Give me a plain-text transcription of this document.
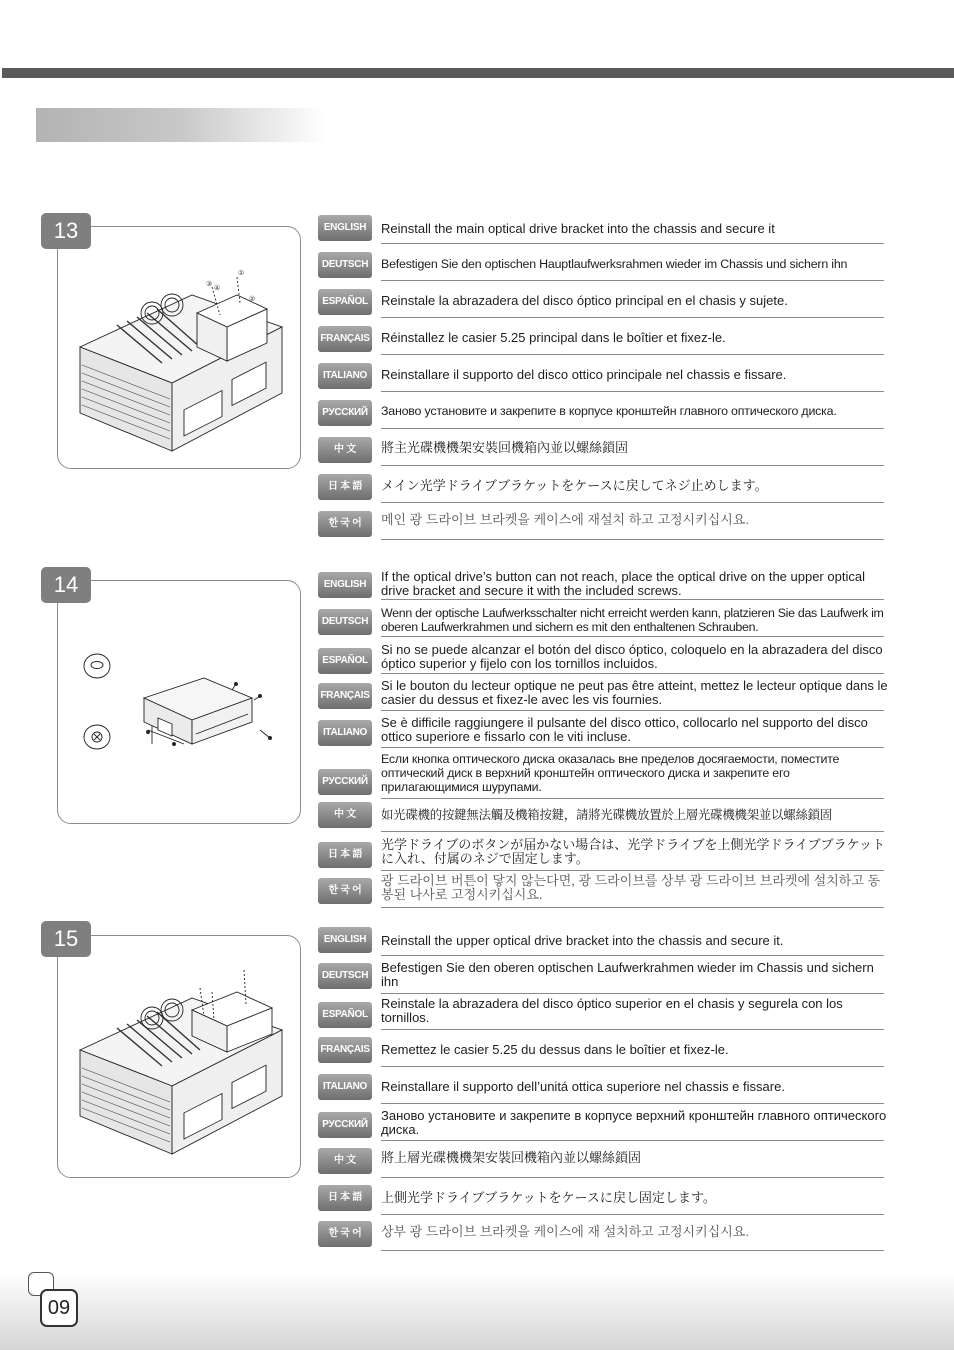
13
①
②
③ ④
ENGLISH	Reinstall the main optical drive bracket into the chassis and secure it
DEUTSCH	Befestigen Sie den optischen Hauptlaufwerksrahmen wieder im Chassis und sichern ihn
ESPAÑOL	Reinstale la abrazadera del disco óptico principal en el chasis y sujete.
FRANÇAIS Réinstallez le casier 5.25 principal dans le boîtier et fixez-le.
ITALIANO	Reinstallare il supporto del disco ottico principale nel chassis e fissare.
РУССКИЙ	Заново установите и закрепите в корпусе кронштейн главного оптического диска.
中 文	將主光碟機機架安裝回機箱內並以螺絲鎖固
日 本 語	メイン光学ドライブブラケットをケースに戻してネジ止めします。
한 국 어	메인 광 드라이브 브라켓을 케이스에 재설치 하고 고정시키십시요.
14	ENGLISH
If the optical drive’s button can not reach, place the optical drive on the upper optical drive bracket and secure it with the included screws.
DEUTSCH
Wenn der optische Laufwerksschalter nicht erreicht werden kann, platzieren Sie das Laufwerk im oberen Laufwerkrahmen und sichern es mit den enthaltenen Schrauben.
ESPAÑOL
Si no se puede alcanzar el botón del disco óptico, coloquelo en la abrazadera del disco óptico superior y fijelo con los tornillos incluidos.
FRANÇAIS
Si le bouton du lecteur optique ne peut pas être atteint, mettez le lecteur optique dans le casier du dessus et fixez-le avec les vis fournies.
ITALIANO
Se è difficile raggiungere il pulsante del disco ottico, collocarlo nel supporto del disco ottico superiore e fissarlo con le viti incluse.
РУССКИЙ
Если кнопка оптического диска оказалась вне пределов досягаемости, поместите оптический диск в верхний кронштейн оптического диска и закрепите его прилагающимися шурупами.
中 文	如光碟機的按鍵無法觸及機箱按鍵，請將光碟機放置於上層光碟機機架並以螺絲鎖固
日 本 語
光学ドライブのボタンが届かない場合は、光学ドライブを上側光学ドライブブラケットに入れ、付属のネジで固定します。
한 국 어
광 드라이브 버튼이 닿지 않는다면, 광 드라이브를 상부 광 드라이브 브라켓에 설치하고 동봉된 나사로 고정시키십시요.
15	ENGLISH	Reinstall the upper optical drive bracket into the chassis and secure it.
DEUTSCH
Befestigen Sie den oberen optischen Laufwerkrahmen wieder im Chassis und sichern ihn
ESPAÑOL
Reinstale la abrazadera del disco óptico superior en el chasis y segurela con los tornillos.
FRANÇAIS Remettez le casier 5.25 du dessus dans le boîtier et fixez-le.
ITALIANO	Reinstallare il supporto dell’unitá ottica superiore nel chassis e fissare.
РУССКИЙ
Заново установите и закрепите в корпусе верхний кронштейн главного оптического диска.
中 文	將上層光碟機機架安裝回機箱內並以螺絲鎖固
日 本 語	上側光学ドライブブラケットをケースに戻し固定します。
한 국 어	상부 광 드라이브 브라켓을 케이스에 재 설치하고 고정시키십시요.
09
